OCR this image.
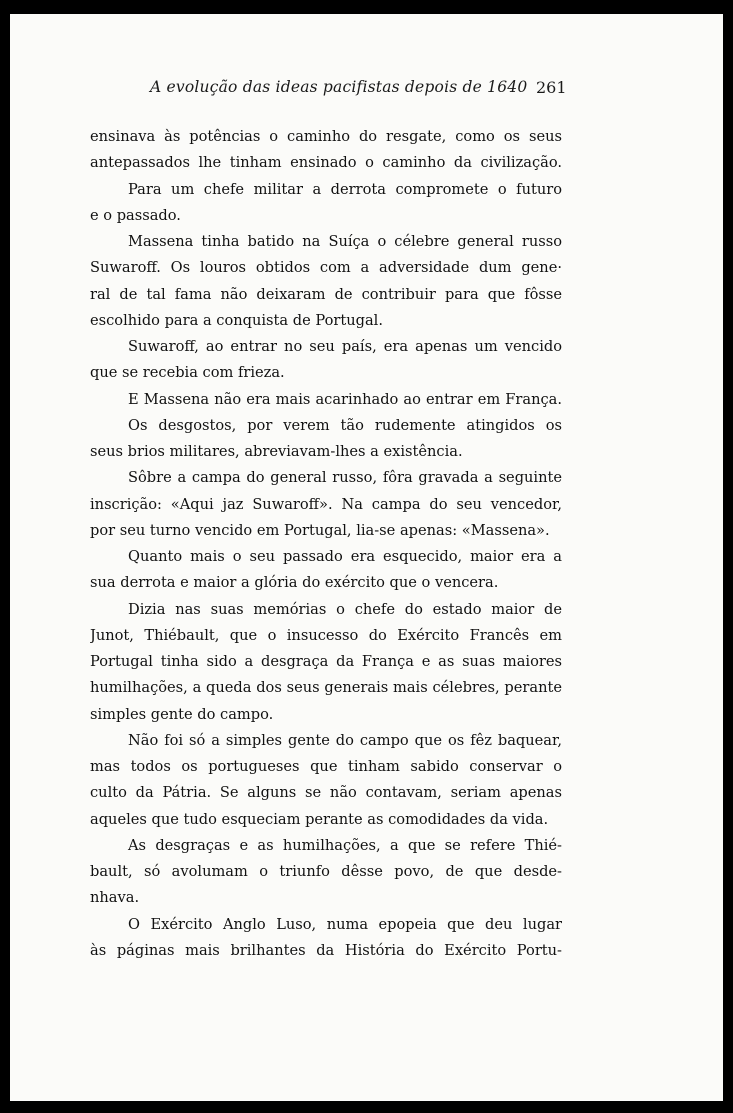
A evolução das ideas pacifistas depois de 1640 261
ensinava às potências o caminho do resgate, como os seus
antepassados lhe tinham ensinado o caminho da civilização.
Para um chefe militar a derrota compromete o futuro
e o passado.
Massena tinha batido na Suíça o célebre general russo
Suwaroff. Os louros obtidos com a adversidade dum gene·
ral de tal fama não deixaram de contribuir para que fôsse
escolhido para a conquista de Portugal.
Suwaroff, ao entrar no seu país, era apenas um vencido
que se recebia com frieza.
E Massena não era mais acarinhado ao entrar em França.
Os desgostos, por verem tão rudemente atingidos os
seus brios militares, abreviavam-lhes a existência.
Sôbre a campa do general russo, fôra gravada a seguinte
inscrição: «Aqui jaz Suwaroff». Na campa do seu vencedor,
por seu turno vencido em Portugal, lia-se apenas: «Massena».
Quanto mais o seu passado era esquecido, maior era a
sua derrota e maior a glória do exército que o vencera.
Dizia nas suas memórias o chefe do estado maior de
Junot, Thiébault, que o insucesso do Exército Francês em
Portugal tinha sido a desgraça da França e as suas maiores
humilhações, a queda dos seus generais mais célebres, perante
simples gente do campo.
Não foi só a simples gente do campo que os fêz baquear,
mas todos os portugueses que tinham sabido conservar o
culto da Pátria. Se alguns se não contavam, seriam apenas
aqueles que tudo esqueciam perante as comodidades da vida.
As desgraças e as humilhações, a que se refere Thié-
bault, só avolumam o triunfo dêsse povo, de que desde-
nhava.
O Exército Anglo Luso, numa epopeia que deu lugar
às páginas mais brilhantes da História do Exército Portu-
